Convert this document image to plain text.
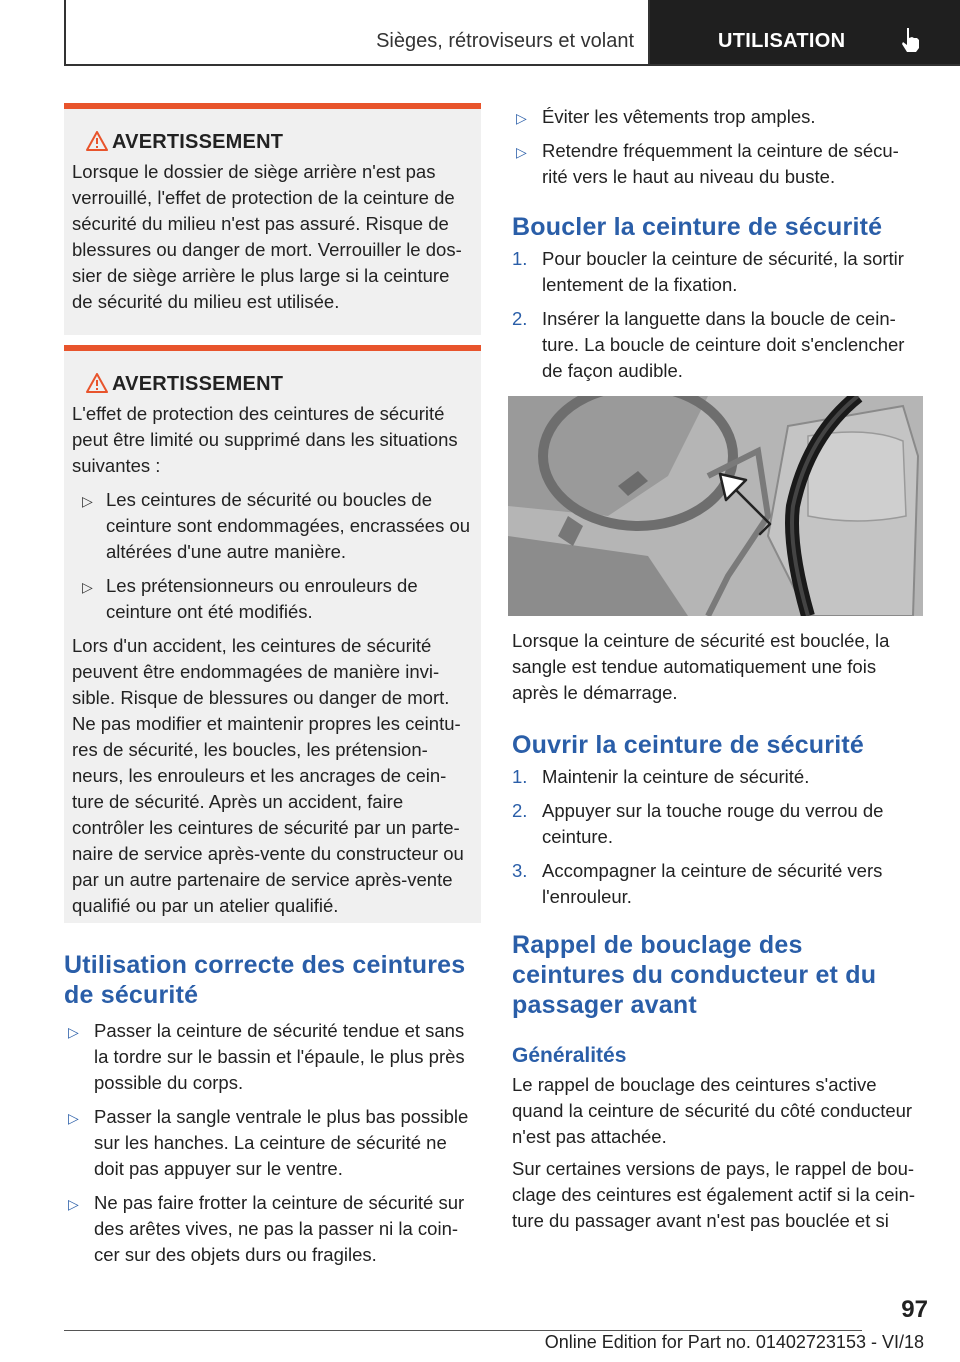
Sièges, rétroviseurs et volant	UTILISATION
AVERTISSEMENT

Lorsque le dossier de siège arrière n'est pas verrouillé, l'effet de protection de la ceinture de sécurité du milieu n'est pas assuré. Risque de blessures ou danger de mort. Verrouiller le dos-sier de siège arrière le plus large si la ceinture de sécurité du milieu est utilisée.

AVERTISSEMENT

L'effet de protection des ceintures de sécurité peut être limité ou supprimé dans les situations suivantes :

▷ Les ceintures de sécurité ou boucles de ceinture sont endommagées, encrassées ou altérées d'une autre manière.
▷ Les prétensionneurs ou enrouleurs de ceinture ont été modifiés.

Lors d'un accident, les ceintures de sécurité peuvent être endommagées de manière invi-sible. Risque de blessures ou danger de mort. Ne pas modifier et maintenir propres les ceintu-res de sécurité, les boucles, les prétension-neurs, les enrouleurs et les ancrages de cein-ture de sécurité. Après un accident, faire contrôler les ceintures de sécurité par un parte-naire de service après-vente du constructeur ou par un autre partenaire de service après-vente qualifié ou par un atelier qualifié.

Utilisation correcte des ceintures de sécurité
▷ Passer la ceinture de sécurité tendue et sans la tordre sur le bassin et l'épaule, le plus près possible du corps.
▷ Passer la sangle ventrale le plus bas possible sur les hanches. La ceinture de sécurité ne doit pas appuyer sur le ventre.
▷ Ne pas faire frotter la ceinture de sécurité sur des arêtes vives, ne pas la passer ni la coin-cer sur des objets durs ou fragiles.
▷ Éviter les vêtements trop amples.
▷ Retendre fréquemment la ceinture de sécu-rité vers le haut au niveau du buste.
Boucler la ceinture de sécurité
1. Pour boucler la ceinture de sécurité, la sortir lentement de la fixation.
2. Insérer la languette dans la boucle de cein-ture. La boucle de ceinture doit s'enclencher de façon audible.

Lorsque la ceinture de sécurité est bouclée, la sangle est tendue automatiquement une fois après le démarrage.

Ouvrir la ceinture de sécurité
1. Maintenir la ceinture de sécurité.
2. Appuyer sur la touche rouge du verrou de ceinture.
3. Accompagner la ceinture de sécurité vers l'enrouleur.
Rappel de bouclage des ceintures du conducteur et du passager avant
Généralités

Le rappel de bouclage des ceintures s'active quand la ceinture de sécurité du côté conducteur n'est pas attachée.

Sur certaines versions de pays, le rappel de bou-clage des ceintures est également actif si la cein-ture du passager avant n'est pas bouclée et si

97
Online Edition for Part no. 01402723153 - VI/18
